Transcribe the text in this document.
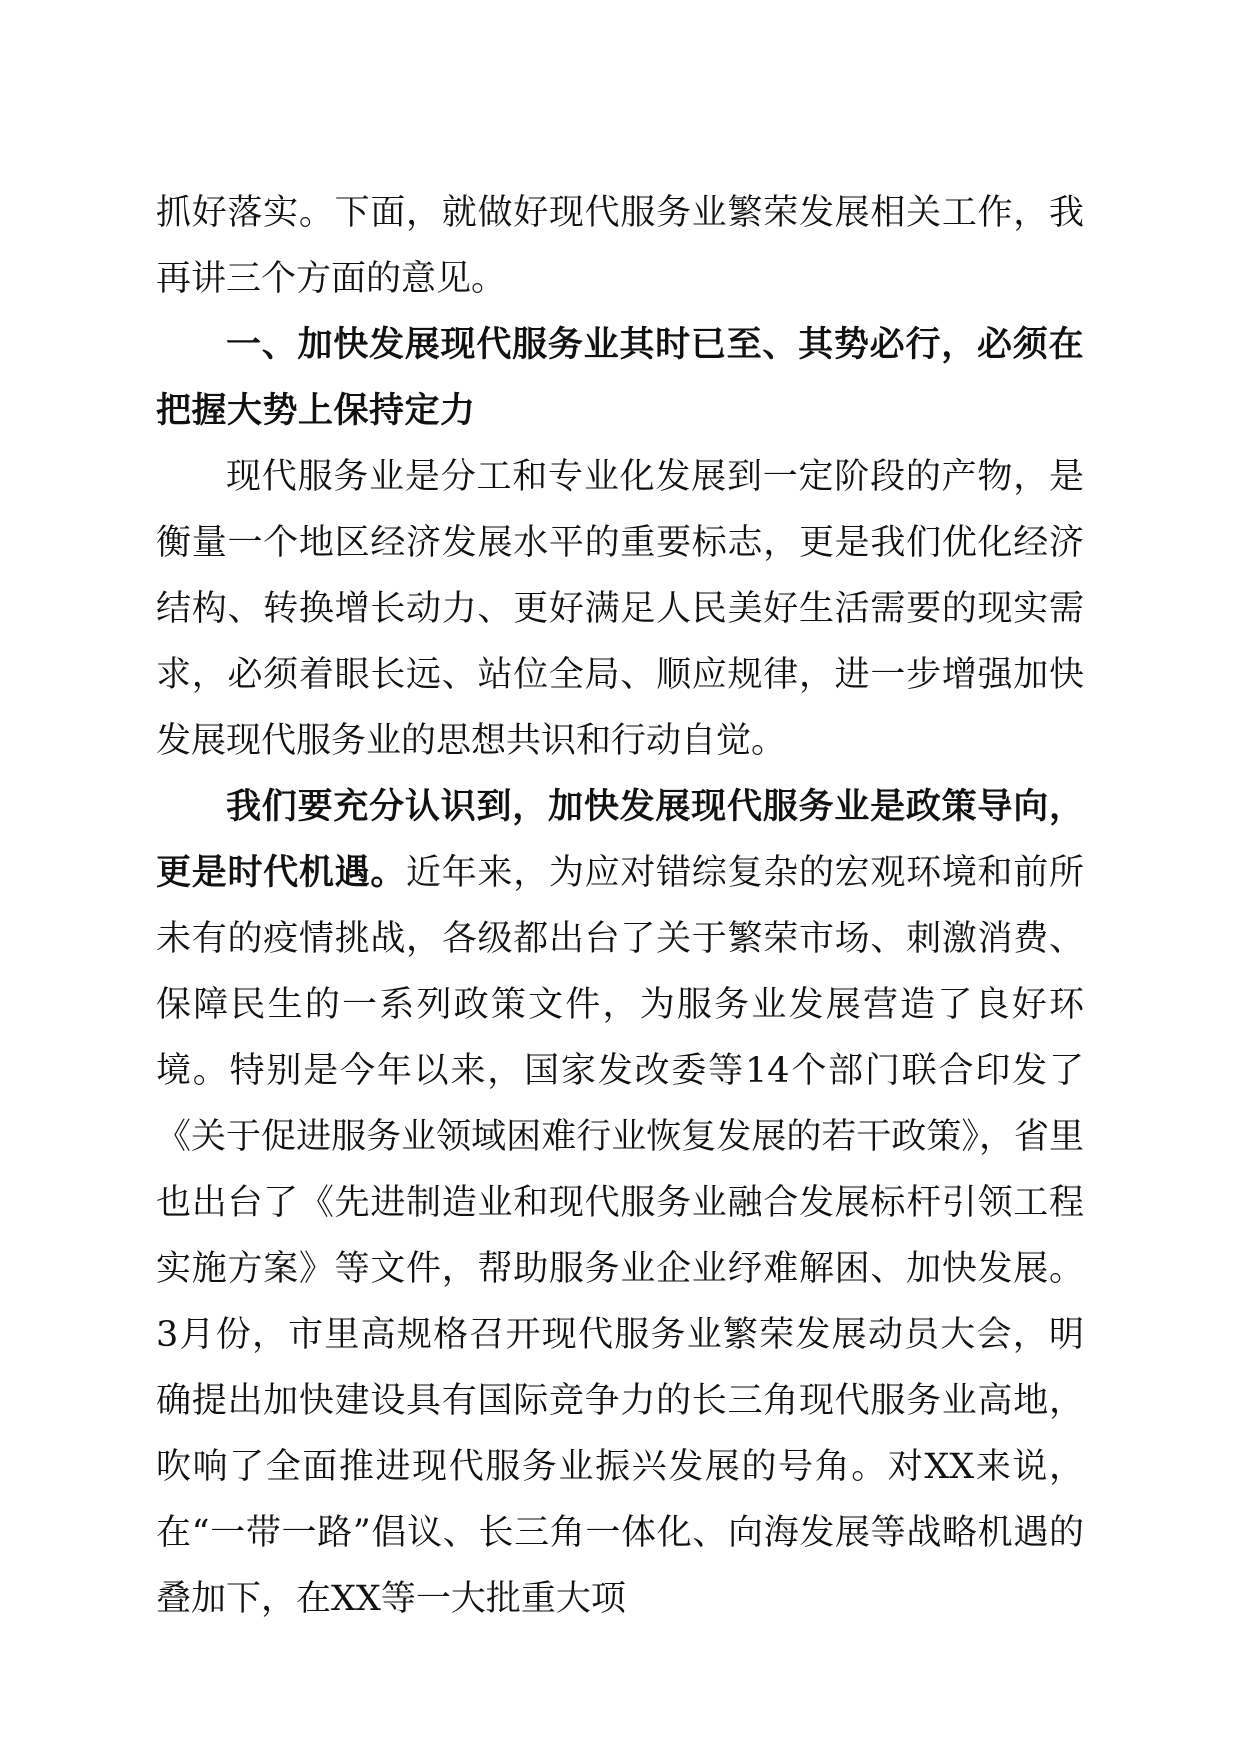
抓好落实。下面，就做好现代服务业繁荣发展相关工作，我再讲三个方面的意见。

一、加快发展现代服务业其时已至、其势必行，必须在把握大势上保持定力

现代服务业是分工和专业化发展到一定阶段的产物，是衡量一个地区经济发展水平的重要标志，更是我们优化经济结构、转换增长动力、更好满足人民美好生活需要的现实需求，必须着眼长远、站位全局、顺应规律，进一步增强加快发展现代服务业的思想共识和行动自觉。

我们要充分认识到，加快发展现代服务业是政策导向，更是时代机遇。近年来，为应对错综复杂的宏观环境和前所未有的疫情挑战，各级都出台了关于繁荣市场、刺激消费、保障民生的一系列政策文件，为服务业发展营造了良好环境。特别是今年以来，国家发改委等14个部门联合印发了《关于促进服务业领域困难行业恢复发展的若干政策》，省里也出台了《先进制造业和现代服务业融合发展标杆引领工程实施方案》等文件，帮助服务业企业纾难解困、加快发展。3月份，市里高规格召开现代服务业繁荣发展动员大会，明确提出加快建设具有国际竞争力的长三角现代服务业高地，吹响了全面推进现代服务业振兴发展的号角。对XX来说，在“一带一路”倡议、长三角一体化、向海发展等战略机遇的叠加下，在XX等一大批重大项
